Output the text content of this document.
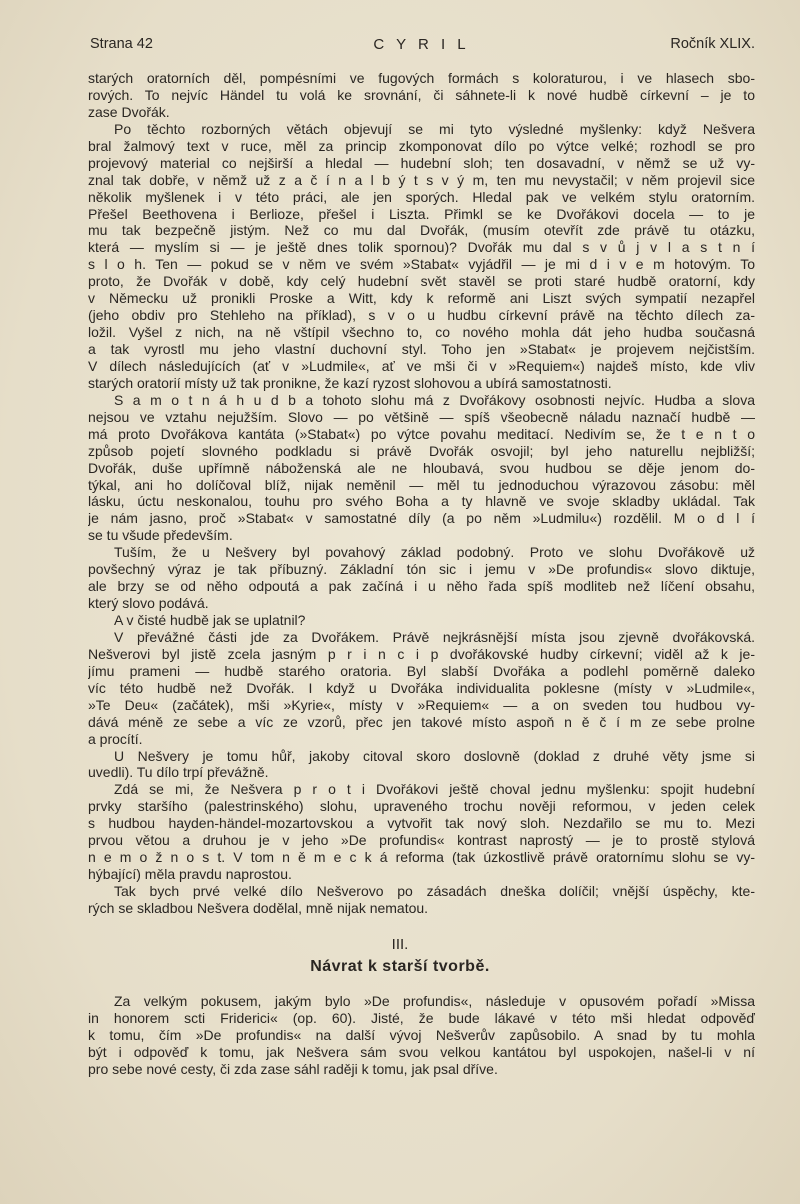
Strana 42	C Y R I L	Ročník XLIX.
starých oratorních děl, pompésními ve fugových formách s koloraturou, i ve hlasech sbo-
rových. To nejvíc Händel tu volá ke srovnání, či sáhnete-li k nové hudbě církevní – je to
zase Dvořák.
Po těchto rozborných větách objevují se mi tyto výsledné myšlenky: když Nešvera
bral žalmový text v ruce, měl za princip zkomponovat dílo po výtce velké; rozhodl se pro
projevový material co nejširší a hledal — hudební sloh; ten dosavadní, v němž se už vy-
znal tak dobře, v němž už z a č í n a l b ý t s v ý m, ten mu nevystačil; v něm projevil sice
několik myšlenek i v této práci, ale jen sporých. Hledal pak ve velkém stylu oratorním.
Přešel Beethovena i Berlioze, přešel i Liszta. Přimkl se ke Dvořákovi docela — to je
mu tak bezpečně jistým. Než co mu dal Dvořák, (musím otevřít zde právě tu otázku,
která — myslím si — je ještě dnes tolik spornou)? Dvořák mu dal s v ů j v l a s t n í
s l o h. Ten — pokud se v něm ve svém »Stabat« vyjádřil — je mi d i v e m hotovým. To
proto, že Dvořák v době, kdy celý hudební svět stavěl se proti staré hudbě oratorní, kdy
v Německu už pronikli Proske a Witt, kdy k reformě ani Liszt svých sympatií nezapřel
(jeho obdiv pro Stehleho na příklad), s v o u hudbu církevní právě na těchto dílech za-
ložil. Vyšel z nich, na ně vštípil všechno to, co nového mohla dát jeho hudba současná
a tak vyrostl mu jeho vlastní duchovní styl. Toho jen »Stabat« je projevem nejčistším.
V dílech následujících (ať v »Ludmile«, ať ve mši či v »Requiem«) najdeš místo, kde vliv
starých oratorií místy už tak pronikne, že kazí ryzost slohovou a ubírá samostatnosti.
S a m o t n á h u d b a tohoto slohu má z Dvořákovy osobnosti nejvíc. Hudba a slova
nejsou ve vztahu nejužším. Slovo — po většině — spíš všeobecně náladu naznačí hudbě —
má proto Dvořákova kantáta (»Stabat«) po výtce povahu meditací. Nedivím se, že t e n t o
způsob pojetí slovného podkladu si právě Dvořák osvojil; byl jeho naturellu nejbližší;
Dvořák, duše upřímně náboženská ale ne hloubavá, svou hudbou se děje jenom do-
týkal, ani ho dolíčoval blíž, nijak neměnil — měl tu jednoduchou výrazovou zásobu: měl
lásku, úctu neskonalou, touhu pro svého Boha a ty hlavně ve svoje skladby ukládal. Tak
je nám jasno, proč »Stabat« v samostatné díly (a po něm »Ludmilu«) rozdělil. M o d l í
se tu všude především.
Tuším, že u Nešvery byl povahový základ podobný. Proto ve slohu Dvořákově už
povšechný výraz je tak příbuzný. Základní tón sic i jemu v »De profundis« slovo diktuje,
ale brzy se od něho odpoutá a pak začíná i u něho řada spíš modliteb než líčení obsahu,
který slovo podává.
A v čisté hudbě jak se uplatnil?
V převážné části jde za Dvořákem. Právě nejkrásnější místa jsou zjevně dvořákovská.
Nešverovi byl jistě zcela jasným p r i n c i p dvořákovské hudby církevní; viděl až k je-
jímu prameni — hudbě starého oratoria. Byl slabší Dvořáka a podlehl poměrně daleko
víc této hudbě než Dvořák. I když u Dvořáka individualita poklesne (místy v »Ludmile«,
»Te Deu« (začátek), mši »Kyrie«, místy v »Requiem« — a on sveden tou hudbou vy-
dává méně ze sebe a víc ze vzorů, přec jen takové místo aspoň n ě č í m ze sebe prolne
a procítí.
U Nešvery je tomu hůř, jakoby citoval skoro doslovně (doklad z druhé věty jsme si
uvedli). Tu dílo trpí převážně.
Zdá se mi, že Nešvera p r o t i Dvořákovi ještě choval jednu myšlenku: spojit hudební
prvky staršího (palestrinského) slohu, upraveného trochu nověji reformou, v jeden celek
s hudbou hayden-händel-mozartovskou a vytvořit tak nový sloh. Nezdařilo se mu to. Mezi
prvou větou a druhou je v jeho »De profundis« kontrast naprostý — je to prostě stylová
n e m o ž n o s t. V tom n ě m e c k á reforma (tak úzkostlivě právě oratornímu slohu se vy-
hýbající) měla pravdu naprostou.
Tak bych prvé velké dílo Nešverovo po zásadách dneška dolíčil; vnější úspěchy, kte-
rých se skladbou Nešvera dodělal, mně nijak nematou.
III.
Návrat k starší tvorbě.
Za velkým pokusem, jakým bylo »De profundis«, následuje v opusovém pořadí »Missa
in honorem scti Friderici« (op. 60). Jisté, že bude lákavé v této mši hledat odpověď
k tomu, čím »De profundis« na další vývoj Nešverův zapůsobilo. A snad by tu mohla
být i odpověď k tomu, jak Nešvera sám svou velkou kantátou byl uspokojen, našel-li v ní
pro sebe nové cesty, či zda zase sáhl raději k tomu, jak psal dříve.
